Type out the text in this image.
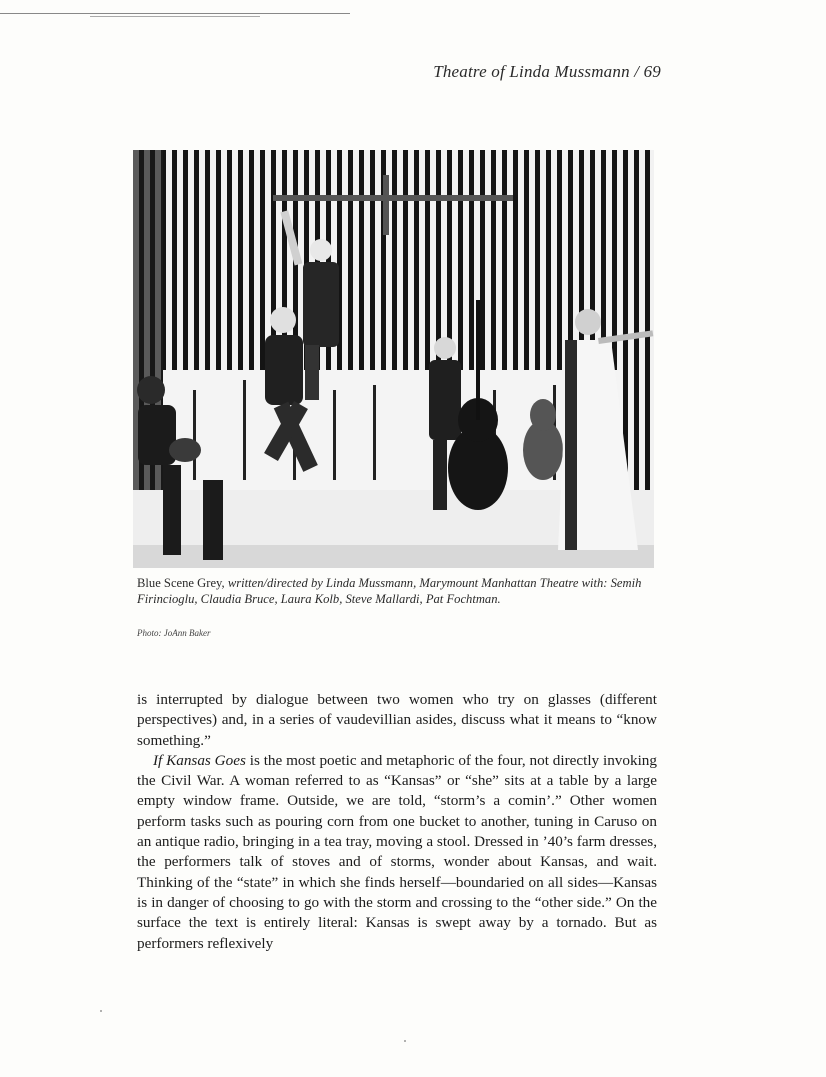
Theatre of Linda Mussmann / 69
Blue Scene Grey, written/directed by Linda Mussmann, Marymount Manhattan Theatre with: Semih Firincioglu, Claudia Bruce, Laura Kolb, Steve Mallardi, Pat Fochtman.
Photo: JoAnn Baker

is interrupted by dialogue between two women who try on glasses (different perspectives) and, in a series of vaudevillian asides, discuss what it means to “know something.”

If Kansas Goes is the most poetic and metaphoric of the four, not directly invoking the Civil War. A woman referred to as “Kansas” or “she” sits at a table by a large empty window frame. Outside, we are told, “storm’s a comin’.” Other women perform tasks such as pouring corn from one bucket to another, tuning in Caruso on an antique radio, bringing in a tea tray, moving a stool. Dressed in ’40’s farm dresses, the performers talk of stoves and of storms, wonder about Kansas, and wait. Thinking of the “state” in which she finds herself—boundaried on all sides—Kansas is in danger of choosing to go with the storm and crossing to the “other side.” On the surface the text is entirely literal: Kansas is swept away by a tornado. But as performers reflexively
